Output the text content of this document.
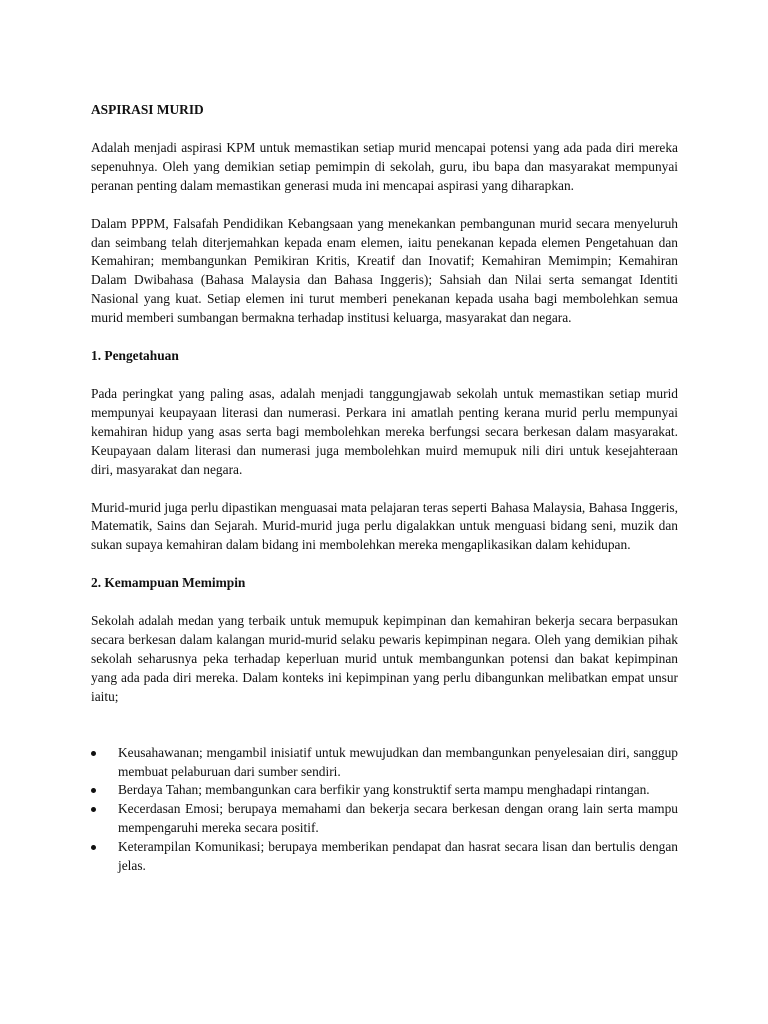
ASPIRASI MURID

Adalah menjadi aspirasi KPM untuk memastikan setiap murid mencapai potensi yang ada pada diri mereka sepenuhnya. Oleh yang demikian setiap pemimpin di sekolah, guru, ibu bapa dan masyarakat mempunyai peranan penting dalam memastikan generasi muda ini mencapai aspirasi yang diharapkan.

Dalam PPPM, Falsafah Pendidikan Kebangsaan yang menekankan pembangunan murid secara menyeluruh dan seimbang telah diterjemahkan kepada enam elemen, iaitu penekanan kepada elemen Pengetahuan dan Kemahiran; membangunkan Pemikiran Kritis, Kreatif dan Inovatif; Kemahiran Memimpin; Kemahiran Dalam Dwibahasa (Bahasa Malaysia dan Bahasa Inggeris); Sahsiah dan Nilai serta semangat Identiti Nasional yang kuat. Setiap elemen ini turut memberi penekanan kepada usaha bagi membolehkan semua murid memberi sumbangan bermakna terhadap institusi keluarga, masyarakat dan negara.

1. Pengetahuan

Pada peringkat yang paling asas, adalah menjadi tanggungjawab sekolah untuk memastikan setiap murid mempunyai keupayaan literasi dan numerasi. Perkara ini amatlah penting kerana murid perlu mempunyai kemahiran hidup yang asas serta bagi membolehkan mereka berfungsi secara berkesan dalam masyarakat. Keupayaan dalam literasi dan numerasi juga membolehkan muird memupuk nili diri untuk kesejahteraan diri, masyarakat dan negara.

Murid-murid juga perlu dipastikan menguasai mata pelajaran teras seperti Bahasa Malaysia, Bahasa Inggeris, Matematik, Sains dan Sejarah. Murid-murid juga perlu digalakkan untuk menguasi bidang seni, muzik dan sukan supaya kemahiran dalam bidang ini membolehkan mereka mengaplikasikan dalam kehidupan.

2. Kemampuan Memimpin

Sekolah adalah medan yang terbaik untuk memupuk kepimpinan dan kemahiran bekerja secara berpasukan secara berkesan dalam kalangan murid-murid selaku pewaris kepimpinan negara. Oleh yang demikian pihak sekolah seharusnya peka terhadap keperluan murid untuk membangunkan potensi dan bakat kepimpinan yang ada pada diri mereka. Dalam konteks ini kepimpinan yang perlu dibangunkan melibatkan empat unsur iaitu;

Keusahawanan; mengambil inisiatif untuk mewujudkan dan membangunkan penyelesaian diri, sanggup membuat pelaburuan dari sumber sendiri.
Berdaya Tahan; membangunkan cara berfikir yang konstruktif serta mampu menghadapi rintangan.
Kecerdasan Emosi; berupaya memahami dan bekerja secara berkesan dengan orang lain serta mampu mempengaruhi mereka secara positif.
Keterampilan Komunikasi; berupaya memberikan pendapat dan hasrat secara lisan dan bertulis dengan jelas.
